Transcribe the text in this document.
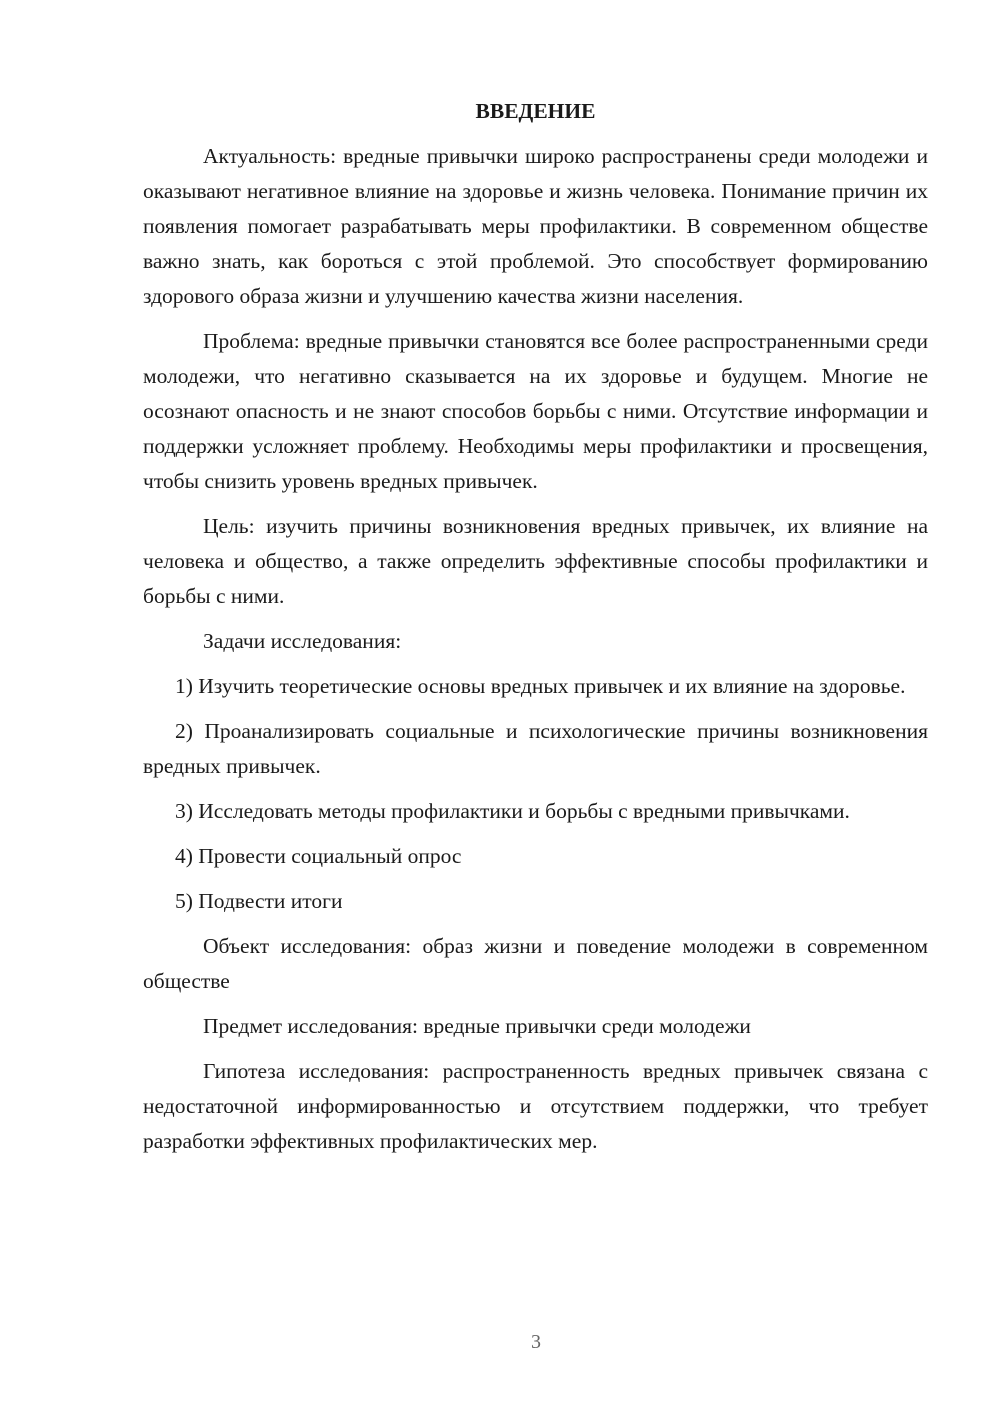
ВВЕДЕНИЕ

Актуальность: вредные привычки широко распространены среди молодежи и оказывают негативное влияние на здоровье и жизнь человека. Понимание причин их появления помогает разрабатывать меры профилактики. В современном обществе важно знать, как бороться с этой проблемой. Это способствует формированию здорового образа жизни и улучшению качества жизни населения.

Проблема: вредные привычки становятся все более распространенными среди молодежи, что негативно сказывается на их здоровье и будущем. Многие не осознают опасность и не знают способов борьбы с ними. Отсутствие информации и поддержки усложняет проблему. Необходимы меры профилактики и просвещения, чтобы снизить уровень вредных привычек.

Цель: изучить причины возникновения вредных привычек, их влияние на человека и общество, а также определить эффективные способы профилактики и борьбы с ними.

Задачи исследования:

1) Изучить теоретические основы вредных привычек и их влияние на здоровье.

2) Проанализировать социальные и психологические причины возникновения вредных привычек.

3) Исследовать методы профилактики и борьбы с вредными привычками.

4) Провести социальный опрос

5) Подвести итоги

Объект исследования: образ жизни и поведение молодежи в современном обществе

Предмет исследования: вредные привычки среди молодежи

Гипотеза исследования: распространенность вредных привычек связана с недостаточной информированностью и отсутствием поддержки, что требует разработки эффективных профилактических мер.

3
